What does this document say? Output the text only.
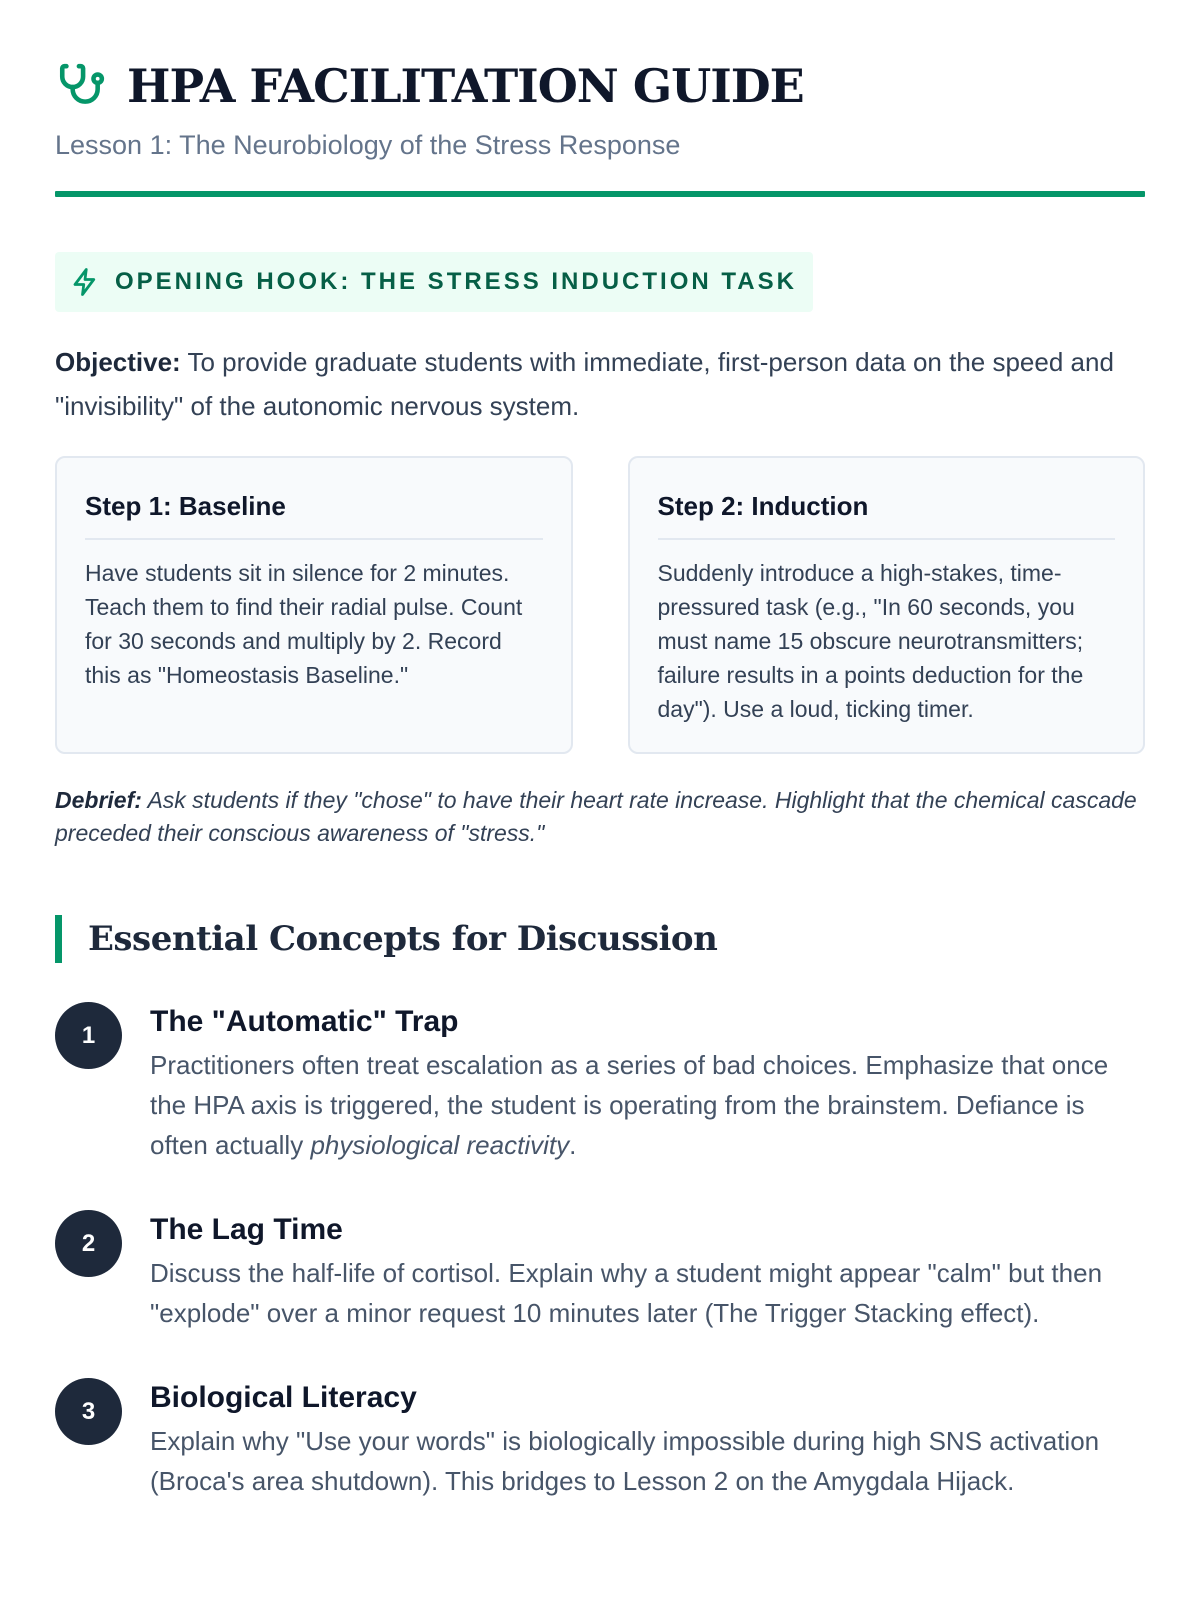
HPA FACILITATION GUIDE
Lesson 1: The Neurobiology of the Stress Response
OPENING HOOK: THE STRESS INDUCTION TASK

Objective: To provide graduate students with immediate, first-person data on the speed and "invisibility" of the autonomic nervous system.

Step 1: Baseline
Have students sit in silence for 2 minutes. Teach them to find their radial pulse. Count for 30 seconds and multiply by 2. Record this as "Homeostasis Baseline."
Step 2: Induction
Suddenly introduce a high-stakes, time-pressured task (e.g., "In 60 seconds, you must name 15 obscure neurotransmitters; failure results in a points deduction for the day"). Use a loud, ticking timer.

Debrief: Ask students if they "chose" to have their heart rate increase. Highlight that the chemical cascade preceded their conscious awareness of "stress."

Essential Concepts for Discussion
1	The "Automatic" Trap
Practitioners often treat escalation as a series of bad choices. Emphasize that once the HPA axis is triggered, the student is operating from the brainstem. Defiance is often actually physiological reactivity.
2	The Lag Time
Discuss the half-life of cortisol. Explain why a student might appear "calm" but then "explode" over a minor request 10 minutes later (The Trigger Stacking effect).
3	Biological Literacy
Explain why "Use your words" is biologically impossible during high SNS activation (Broca's area shutdown). This bridges to Lesson 2 on the Amygdala Hijack.
